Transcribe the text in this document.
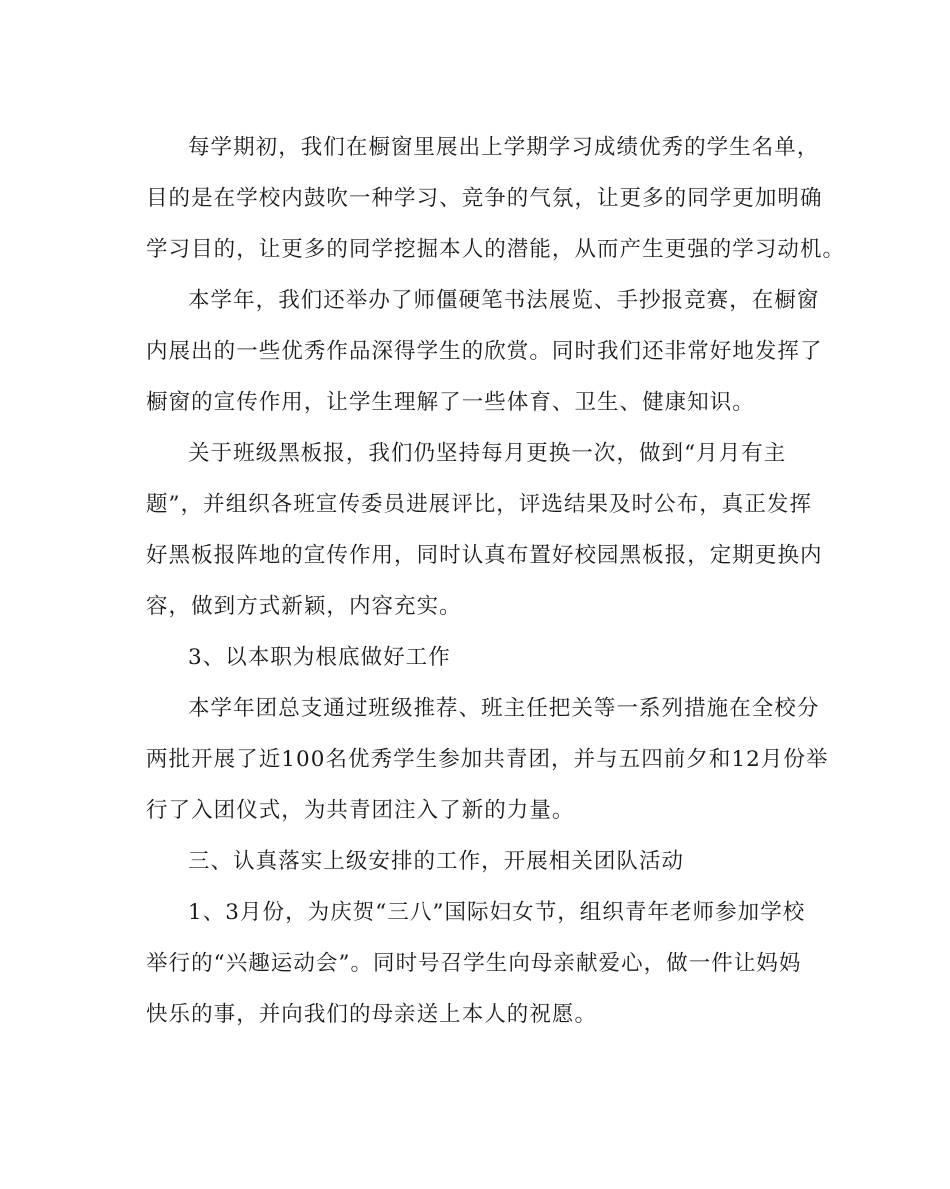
每学期初，我们在橱窗里展出上学期学习成绩优秀的学生名单，
目的是在学校内鼓吹一种学习、竞争的气氛，让更多的同学更加明确
学习目的，让更多的同学挖掘本人的潜能，从而产生更强的学习动机。
本学年，我们还举办了师僵硬笔书法展览、手抄报竞赛，在橱窗
内展出的一些优秀作品深得学生的欣赏。同时我们还非常好地发挥了
橱窗的宣传作用，让学生理解了一些体育、卫生、健康知识。
关于班级黑板报，我们仍坚持每月更换一次，做到“月月有主
题”，并组织各班宣传委员进展评比，评选结果及时公布，真正发挥
好黑板报阵地的宣传作用，同时认真布置好校园黑板报，定期更换内
容，做到方式新颖，内容充实。
3、以本职为根底做好工作
本学年团总支通过班级推荐、班主任把关等一系列措施在全校分
两批开展了近100名优秀学生参加共青团，并与五四前夕和12月份举
行了入团仪式，为共青团注入了新的力量。
三、认真落实上级安排的工作，开展相关团队活动
1、3月份，为庆贺“三八”国际妇女节，组织青年老师参加学校
举行的“兴趣运动会”。同时号召学生向母亲献爱心，做一件让妈妈
快乐的事，并向我们的母亲送上本人的祝愿。
